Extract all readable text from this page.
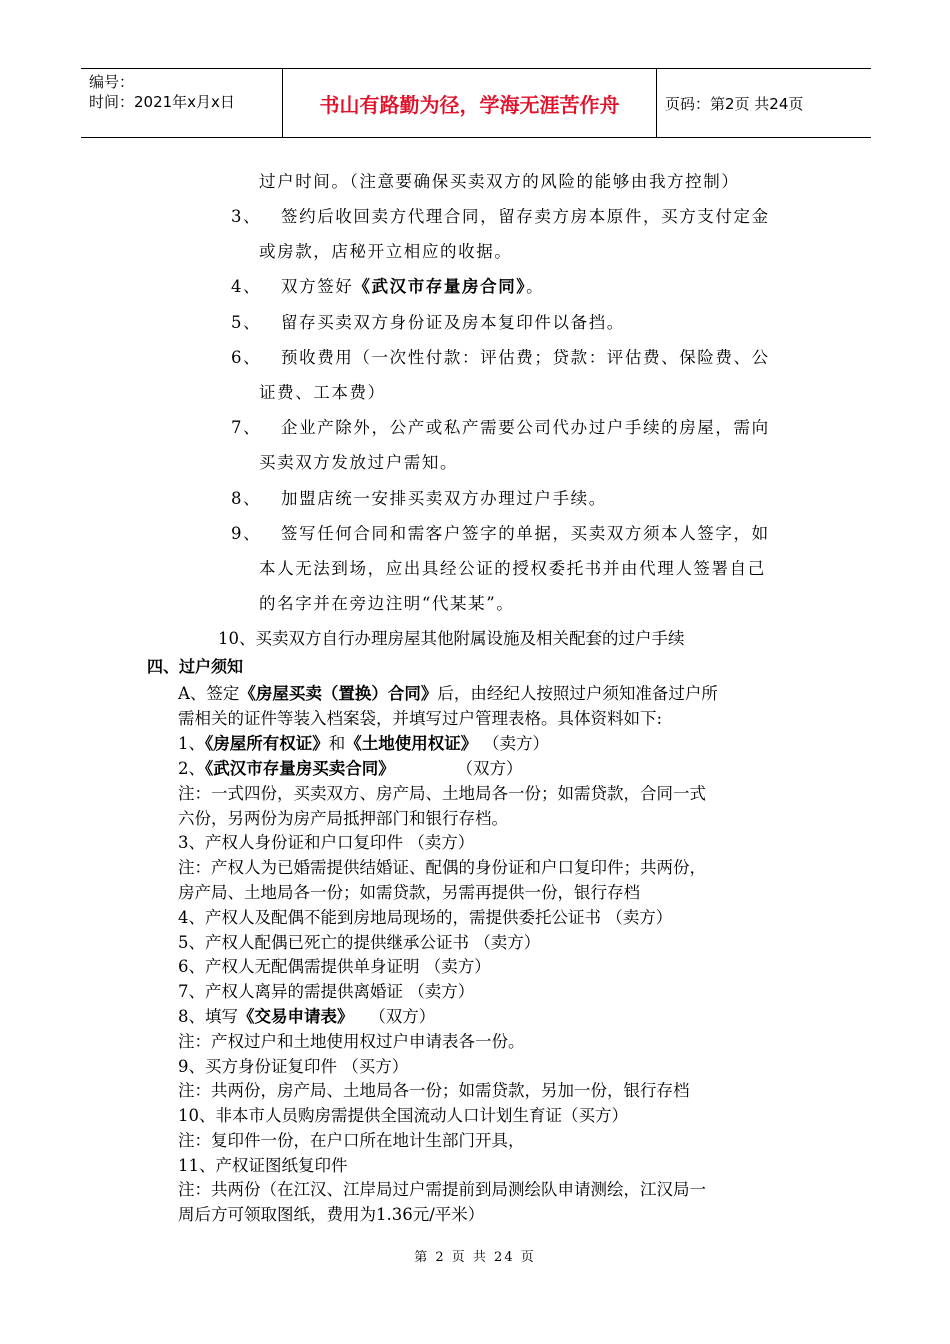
编号：
时间：2021年x月x日	书山有路勤为径，学海无涯苦作舟	页码：第2页 共24页
过户时间。（注意要确保买卖双方的风险的能够由我方控制）
3、 签约后收回卖方代理合同，留存卖方房本原件，买方支付定金
或房款，店秘开立相应的收据。
4、 双方签好《武汉市存量房合同》。
5、 留存买卖双方身份证及房本复印件以备挡。
6、 预收费用（一次性付款：评估费；贷款：评估费、保险费、公
证费、工本费）
7、 企业产除外，公产或私产需要公司代办过户手续的房屋，需向
买卖双方发放过户需知。
8、 加盟店统一安排买卖双方办理过户手续。
9、 签写任何合同和需客户签字的单据，买卖双方须本人签字，如
本人无法到场，应出具经公证的授权委托书并由代理人签署自己
的名字并在旁边注明“代某某”。
10、买卖双方自行办理房屋其他附属设施及相关配套的过户手续
四、过户须知
A、签定《房屋买卖（置换）合同》后，由经纪人按照过户须知准备过户所
需相关的证件等装入档案袋，并填写过户管理表格。具体资料如下:
1、《房屋所有权证》和《土地使用权证》 （卖方）
2、《武汉市存量房买卖合同》	（双方）
注：一式四份，买卖双方、房产局、土地局各一份；如需贷款，合同一式
六份，另两份为房产局抵押部门和银行存档。
3、产权人身份证和户口复印件 （卖方）
注：产权人为已婚需提供结婚证、配偶的身份证和户口复印件；共两份，
房产局、土地局各一份；如需贷款，另需再提供一份，银行存档
4、产权人及配偶不能到房地局现场的，需提供委托公证书 （卖方）
5、产权人配偶已死亡的提供继承公证书 （卖方）
6、产权人无配偶需提供单身证明 （卖方）
7、产权人离异的需提供离婚证 （卖方）
8、填写《交易申请表》 （双方）
注：产权过户和土地使用权过户申请表各一份。
9、买方身份证复印件 （买方）
注：共两份，房产局、土地局各一份；如需贷款，另加一份，银行存档
10、非本市人员购房需提供全国流动人口计划生育证（买方）
注：复印件一份，在户口所在地计生部门开具，
11、产权证图纸复印件
注：共两份（在江汉、江岸局过户需提前到局测绘队申请测绘，江汉局一
周后方可领取图纸，费用为1.36元/平米）
第 2 页 共 24 页
